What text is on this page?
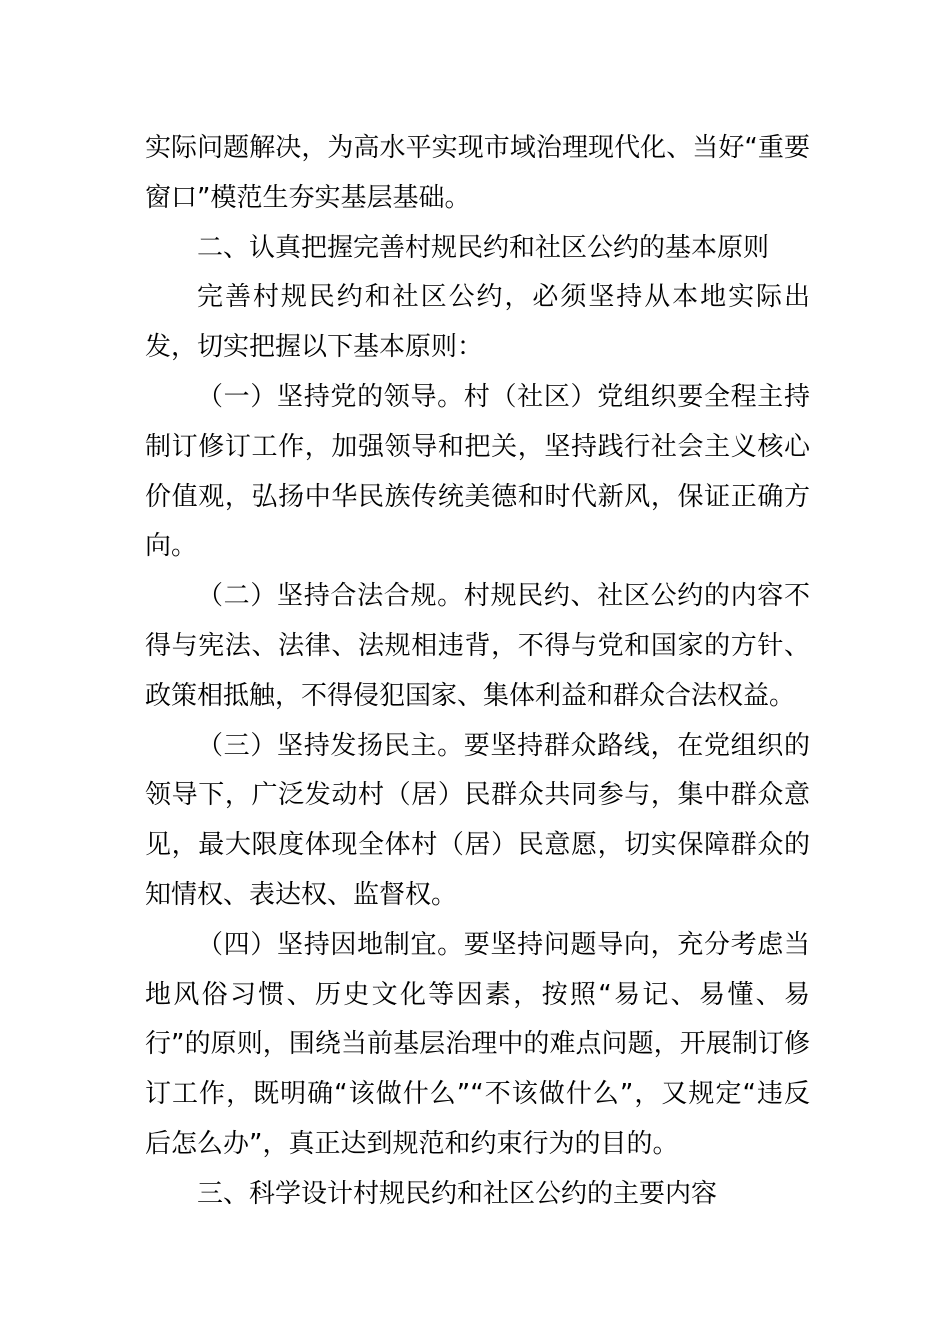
实际问题解决，为高水平实现市域治理现代化、当好“重要窗口”模范生夯实基层基础。

二、认真把握完善村规民约和社区公约的基本原则

完善村规民约和社区公约，必须坚持从本地实际出发，切实把握以下基本原则：

（一）坚持党的领导。村（社区）党组织要全程主持制订修订工作，加强领导和把关，坚持践行社会主义核心价值观，弘扬中华民族传统美德和时代新风，保证正确方向。

（二）坚持合法合规。村规民约、社区公约的内容不得与宪法、法律、法规相违背，不得与党和国家的方针、政策相抵触，不得侵犯国家、集体利益和群众合法权益。

（三）坚持发扬民主。要坚持群众路线，在党组织的领导下，广泛发动村（居）民群众共同参与，集中群众意见，最大限度体现全体村（居）民意愿，切实保障群众的知情权、表达权、监督权。

（四）坚持因地制宜。要坚持问题导向，充分考虑当地风俗习惯、历史文化等因素，按照“易记、易懂、易行”的原则，围绕当前基层治理中的难点问题，开展制订修订工作，既明确“该做什么”“不该做什么”，又规定“违反后怎么办”，真正达到规范和约束行为的目的。

三、科学设计村规民约和社区公约的主要内容
